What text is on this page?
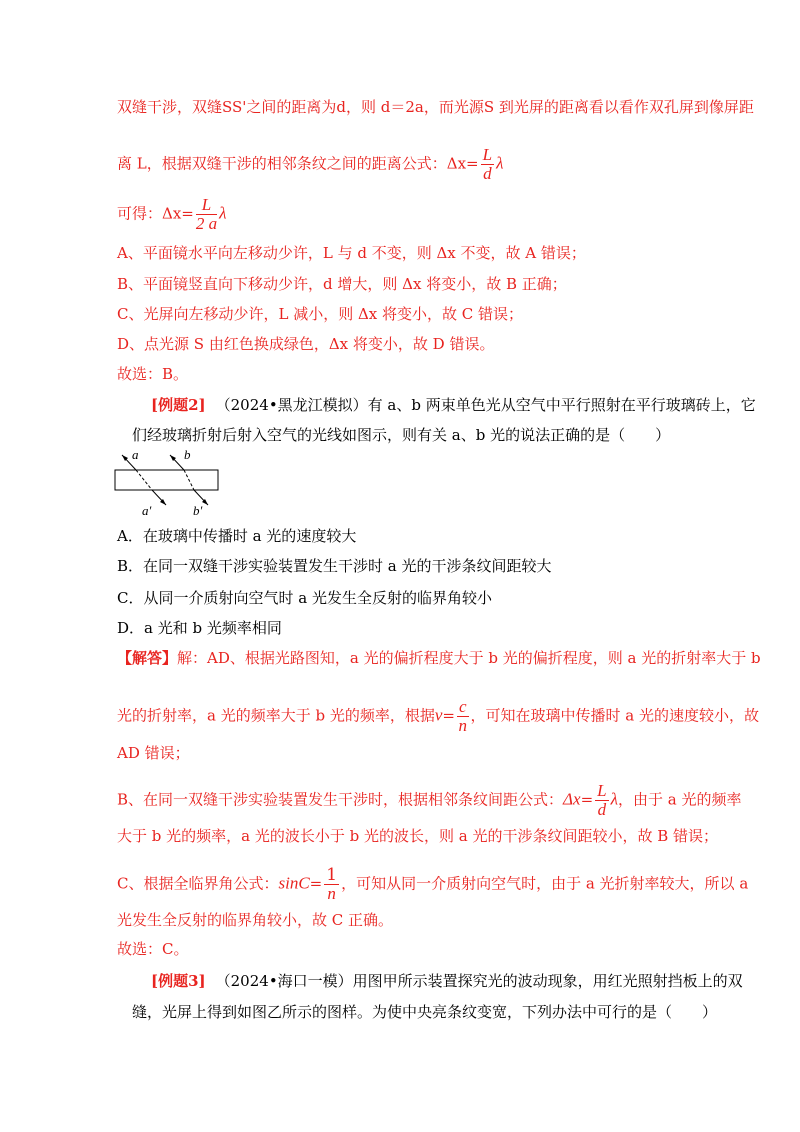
双缝干涉，双缝SS'之间的距离为d，则 d＝2a，而光源S 到光屏的距离看以看作双孔屏到像屏距
离 L，根据双缝干涉的相邻条纹之间的距离公式：$\Delta x= \frac{L}{d}$ λ
可得：$\Delta x= \frac{L}{2 a}$ λ
A、平面镜水平向左移动少许，L 与 d 不变，则 Δx 不变，故 A 错误；
B、平面镜竖直向下移动少许，d 增大，则 Δx 将变小，故 B 正确；
C、光屏向左移动少许，L 减小，则 Δx 将变小，故 C 错误；
D、点光源 S 由红色换成绿色，Δx 将变小，故 D 错误。
故选：B。
[例题2] （2024•黑龙江模拟）有 a、b 两束单色光从空气中平行照射在平行玻璃砖上，它
们经玻璃折射后射入空气的光线如图示，则有关 a、b 光的说法正确的是（　　）
a	b
a′	b′
A．在玻璃中传播时 a 光的速度较大
B．在同一双缝干涉实验装置发生干涉时 a 光的干涉条纹间距较大
C．从同一介质射向空气时 a 光发生全反射的临界角较小
D．a 光和 b 光频率相同
【解答】解：AD、根据光路图知，a 光的偏折程度大于 b 光的偏折程度，则 a 光的折射率大于 b
光的折射率，a 光的频率大于 b 光的频率，根据$v= \frac{c}{n}$ ，可知在玻璃中传播时 a 光的速度较小，故
AD 错误；
B、在同一双缝干涉实验装置发生干涉时，根据相邻条纹间距公式：$\Delta x= \frac{L}{d}$ λ，由于 a 光的频率
大于 b 光的频率，a 光的波长小于 b 光的波长，则 a 光的干涉条纹间距较小，故 B 错误；
C、根据全临界角公式：$\sin C= \frac{1}{n}$ ，可知从同一介质射向空气时，由于 a 光折射率较大，所以 a
光发生全反射的临界角较小，故 C 正确。
故选：C。
[例题3] （2024•海口一模）用图甲所示装置探究光的波动现象，用红光照射挡板上的双
缝，光屏上得到如图乙所示的图样。为使中央亮条纹变宽，下列办法中可行的是（　　）
